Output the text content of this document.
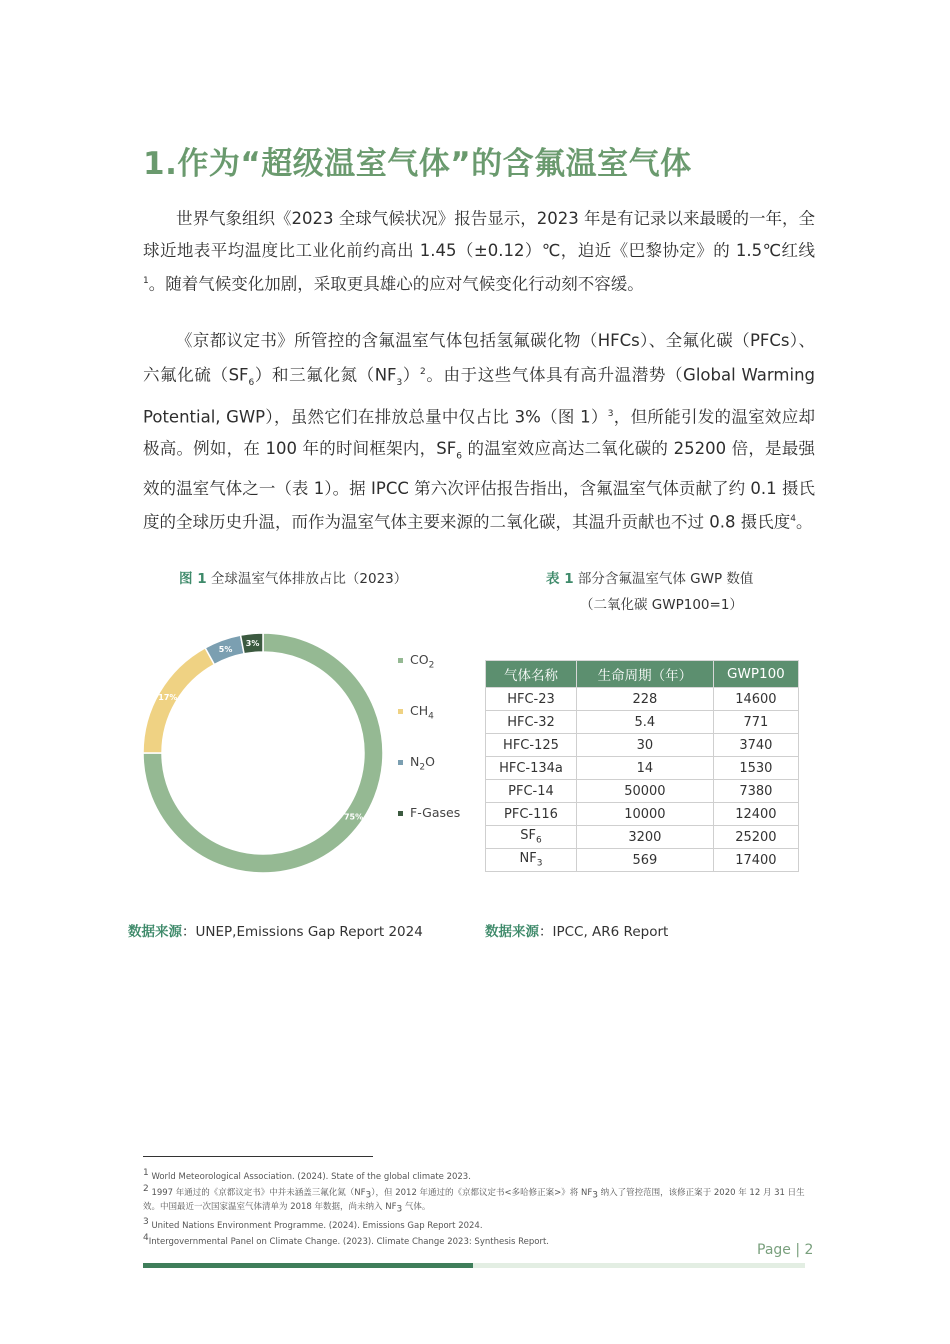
1.作为“超级温室气体”的含氟温室气体

世界气象组织《2023 全球气候状况》报告显示，2023 年是有记录以来最暖的一年，全球近地表平均温度比工业化前约高出 1.45（±0.12）℃，迫近《巴黎协定》的 1.5℃红线$^1$。随着气候变化加剧，采取更具雄心的应对气候变化行动刻不容缓。

《京都议定书》所管控的含氟温室气体包括氢氟碳化物（HFCs）、全氟化碳（PFCs）、六氟化硫$(SF_6)$和三氟化氮$(NF_3)^2$。由于这些气体具有高升温潜势（Global Warming Potential, GWP），虽然它们在排放总量中仅占比 3%（图 1）$^3$，但所能引发的温室效应却极高。例如，在 100 年的时间框架内，$SF_6$ 的温室效应高达二氧化碳的 25200 倍，是最强效的温室气体之一（表 1）。据 IPCC 第六次评估报告指出，含氟温室气体贡献了约 0.1 摄氏度的全球历史升温，而作为温室气体主要来源的二氧化碳，其温升贡献也不过 0.8 摄氏度$^4$。

图 1 全球温室气体排放占比（2023）
75%
17%
5%
3%
$CO_2$
$CH_4$
$N_2O$
F-Gases
表 1 部分含氟温室气体 GWP 数值
（二氧化碳 GWP100=1）
气体名称	生命周期（年）	GWP100
HFC-23	228	14600
HFC-32	5.4	771
HFC-125	30	3740
HFC-134a	14	1530
PFC-14	50000	7380
PFC-116	10000	12400
$SF_6$	3200	25200
$NF_3$	569	17400
数据来源：UNEP,Emissions Gap Report 2024	数据来源：IPCC, AR6 Report
$^1$ World Meteorological Association. (2024). State of the global climate 2023.
$^2$ 1997 年通过的《京都议定书》中并未涵盖三氟化氮$(NF_3)$，但 2012 年通过的《京都议定书<多哈修正案>》将 $NF_3$ 纳入了管控范围，该修正案于 2020 年 12 月 31 日生效。中国最近一次国家温室气体清单为 2018 年数据，尚未纳入 $NF_3$ 气体。
$^3$ United Nations Environment Programme. (2024). Emissions Gap Report 2024.
$^4$Intergovernmental Panel on Climate Change. (2023). Climate Change 2023: Synthesis Report.
Page | 2
